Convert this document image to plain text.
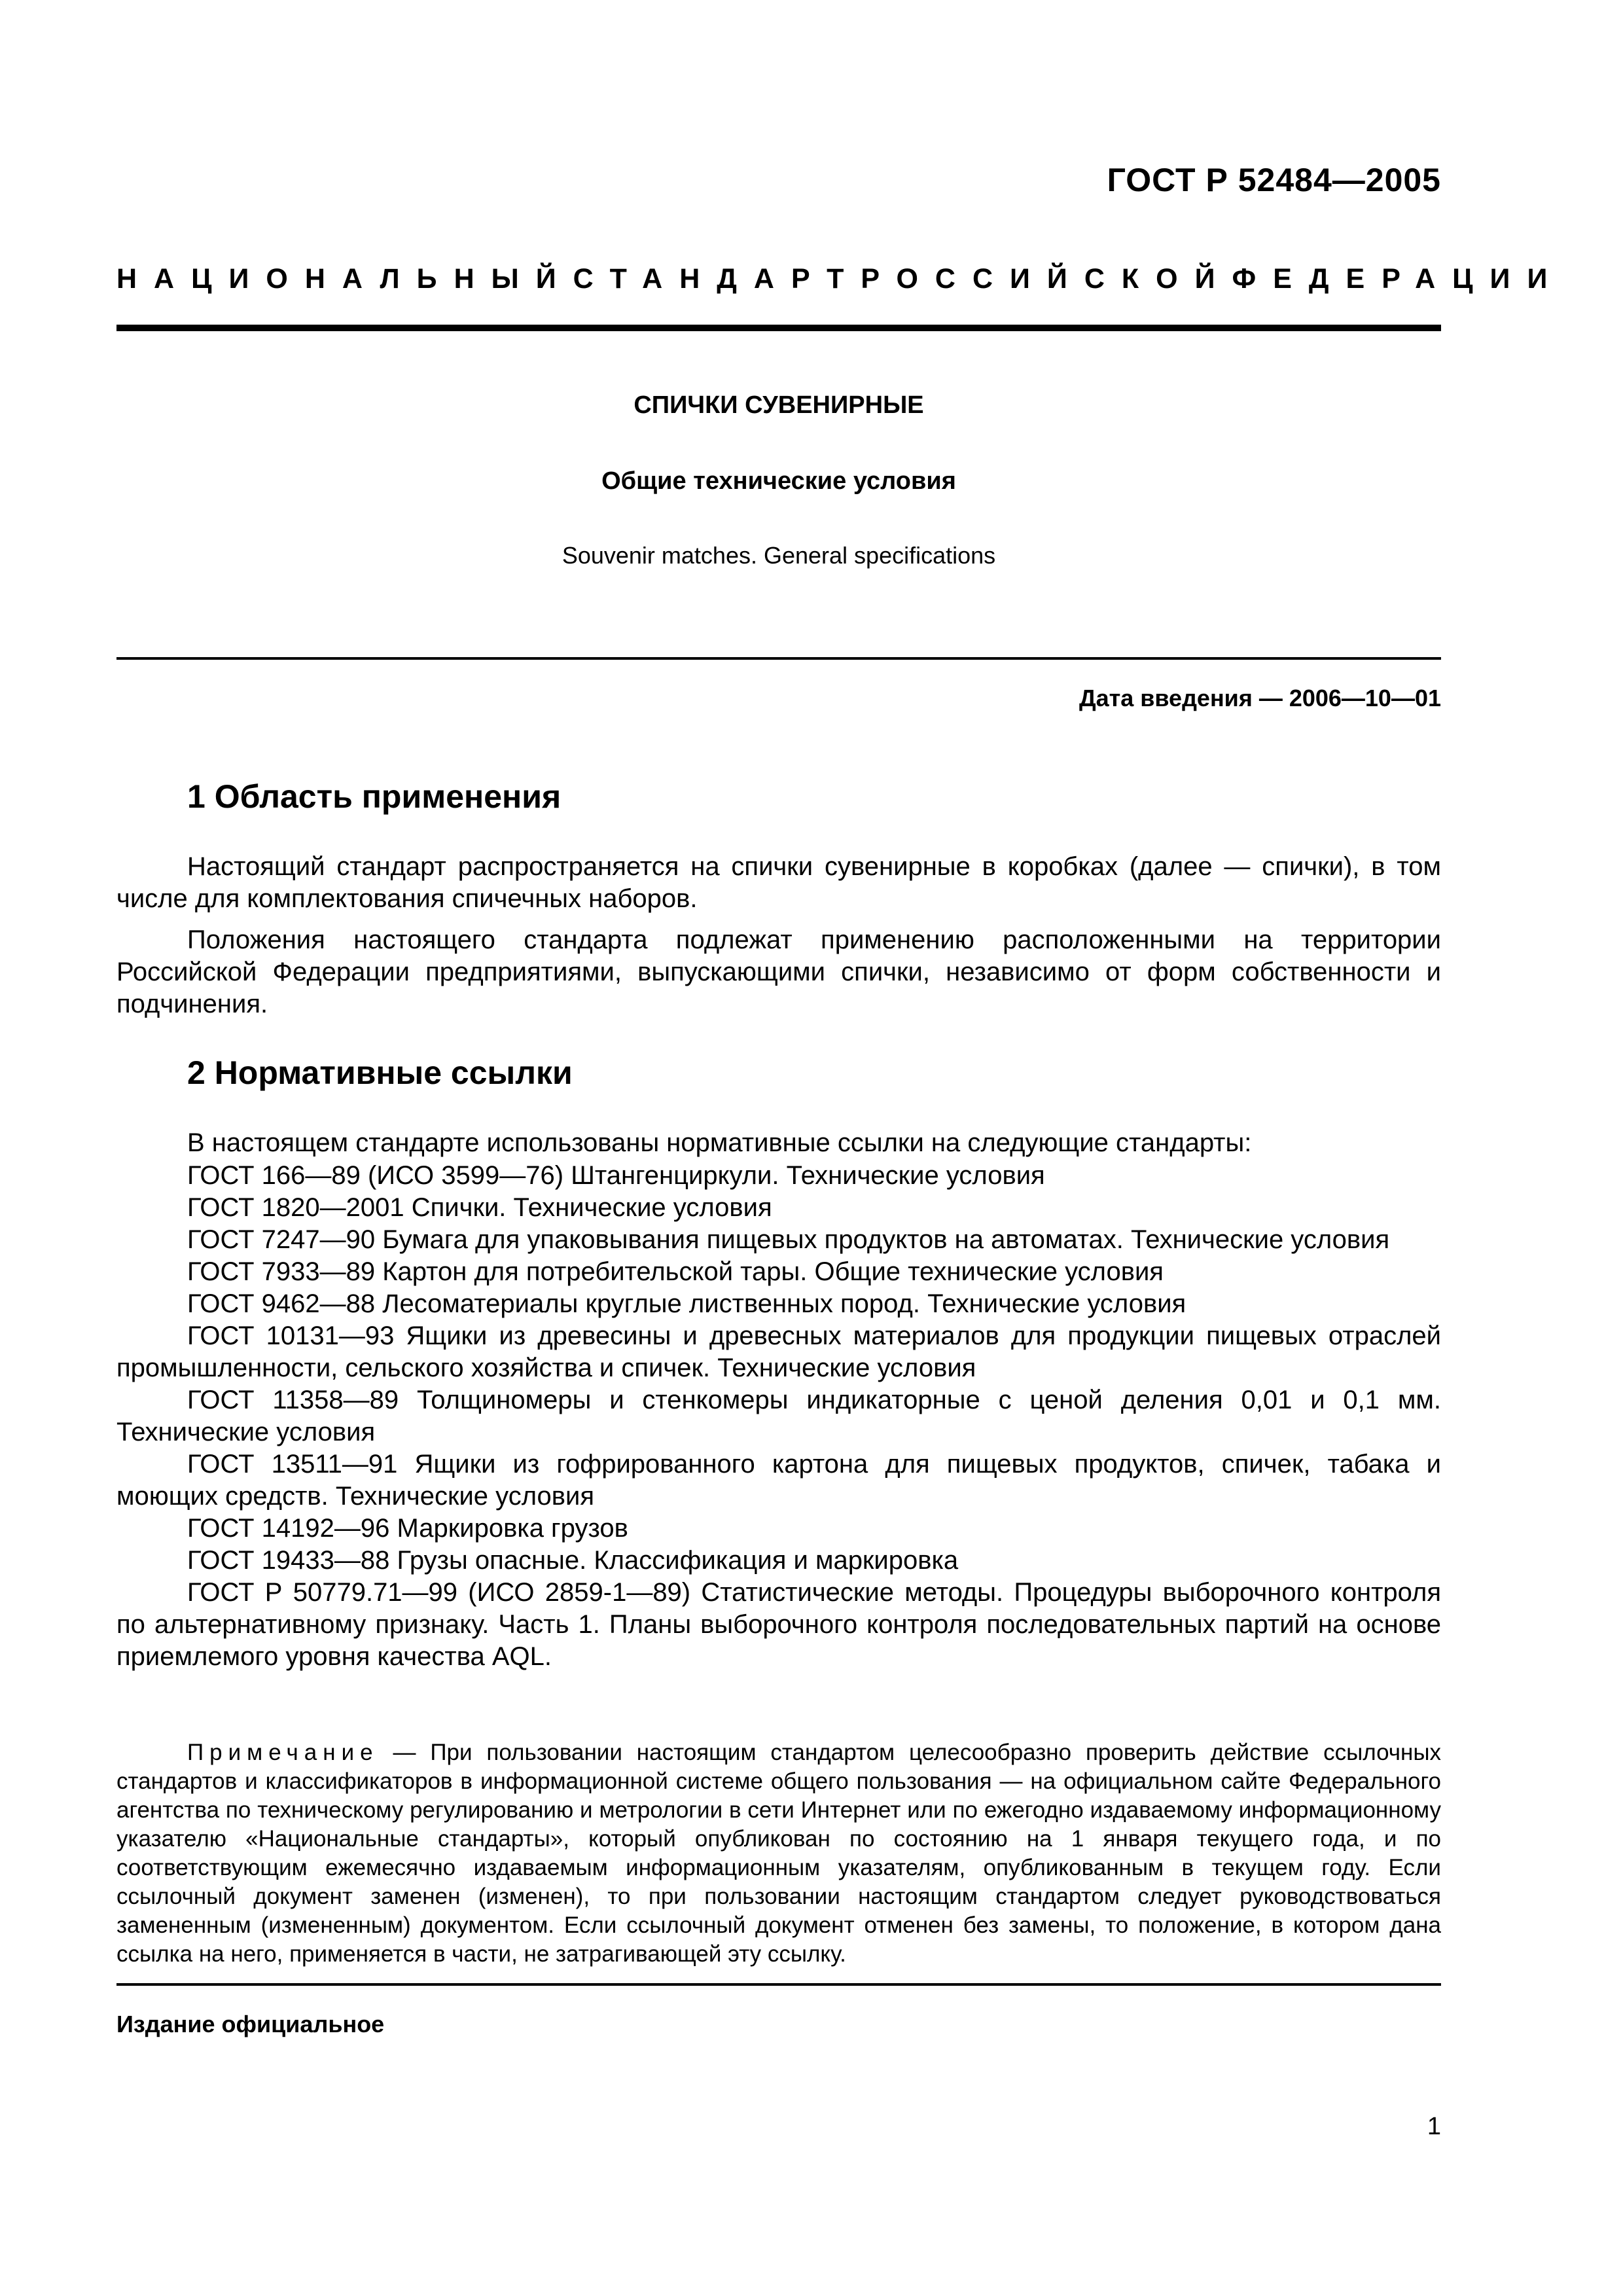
ГОСТ Р 52484—2005
НАЦИОНАЛЬНЫЙ СТАНДАРТ РОССИЙСКОЙ ФЕДЕРАЦИИ
СПИЧКИ СУВЕНИРНЫЕ
Общие технические условия
Souvenir matches. General specifications
Дата введения — 2006—10—01
1 Область применения

Настоящий стандарт распространяется на спички сувенирные в коробках (далее — спички), в том числе для комплектования спичечных наборов.

Положения настоящего стандарта подлежат применению расположенными на территории Российской Федерации предприятиями, выпускающими спички, независимо от форм собственности и подчинения.

2 Нормативные ссылки

В настоящем стандарте использованы нормативные ссылки на следующие стандарты:

ГОСТ 166—89 (ИСО 3599—76) Штангенциркули. Технические условия

ГОСТ 1820—2001 Спички. Технические условия

ГОСТ 7247—90 Бумага для упаковывания пищевых продуктов на автоматах. Технические условия

ГОСТ 7933—89 Картон для потребительской тары. Общие технические условия

ГОСТ 9462—88 Лесоматериалы круглые лиственных пород. Технические условия

ГОСТ 10131—93 Ящики из древесины и древесных материалов для продукции пищевых отраслей промышленности, сельского хозяйства и спичек. Технические условия

ГОСТ 11358—89 Толщиномеры и стенкомеры индикаторные с ценой деления 0,01 и 0,1 мм. Технические условия

ГОСТ 13511—91 Ящики из гофрированного картона для пищевых продуктов, спичек, табака и моющих средств. Технические условия

ГОСТ 14192—96 Маркировка грузов

ГОСТ 19433—88 Грузы опасные. Классификация и маркировка

ГОСТ Р 50779.71—99 (ИСО 2859-1—89) Статистические методы. Процедуры выборочного контроля по альтернативному признаку. Часть 1. Планы выборочного контроля последовательных партий на основе приемлемого уровня качества AQL.

Примечание — При пользовании настоящим стандартом целесообразно проверить действие ссылочных стандартов и классификаторов в информационной системе общего пользования — на официальном сайте Федерального агентства по техническому регулированию и метрологии в сети Интернет или по ежегодно издаваемому информационному указателю «Национальные стандарты», который опубликован по состоянию на 1 января текущего года, и по соответствующим ежемесячно издаваемым информационным указателям, опубликованным в текущем году. Если ссылочный документ заменен (изменен), то при пользовании настоящим стандартом следует руководствоваться замененным (измененным) документом. Если ссылочный документ отменен без замены, то положение, в котором дана ссылка на него, применяется в части, не затрагивающей эту ссылку.
Издание официальное
1
